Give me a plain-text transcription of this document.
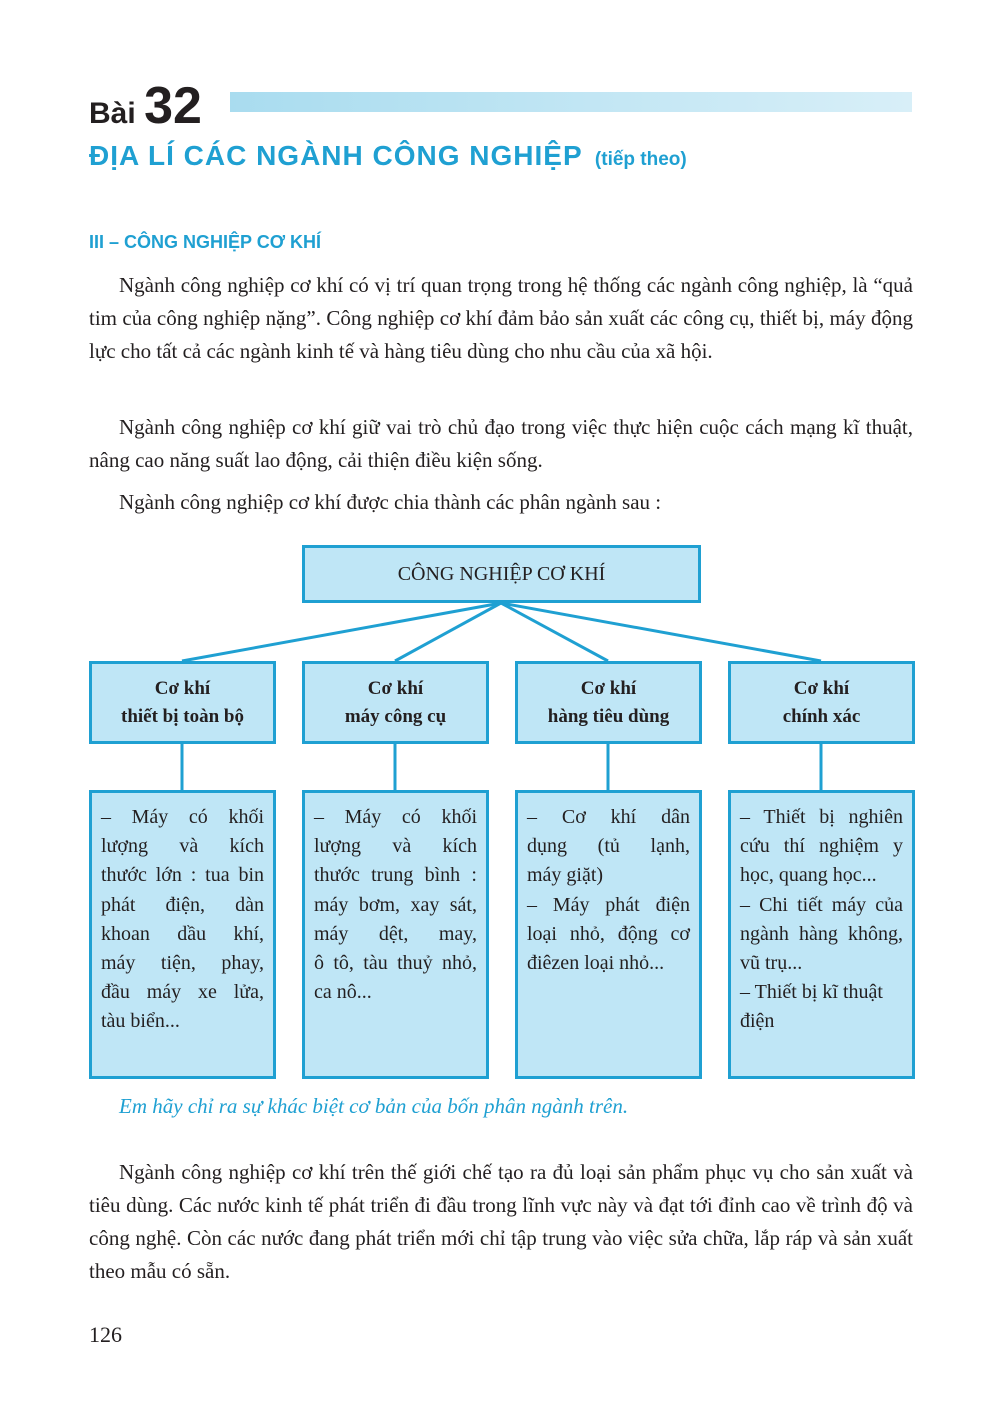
Bài 32
ĐỊA LÍ CÁC NGÀNH CÔNG NGHIỆP (tiếp theo)
III – CÔNG NGHIỆP CƠ KHÍ

Ngành công nghiệp cơ khí có vị trí quan trọng trong hệ thống các ngành công nghiệp, là “quả tim của công nghiệp nặng”. Công nghiệp cơ khí đảm bảo sản xuất các công cụ, thiết bị, máy động lực cho tất cả các ngành kinh tế và hàng tiêu dùng cho nhu cầu của xã hội.

Ngành công nghiệp cơ khí giữ vai trò chủ đạo trong việc thực hiện cuộc cách mạng kĩ thuật, nâng cao năng suất lao động, cải thiện điều kiện sống.

Ngành công nghiệp cơ khí được chia thành các phân ngành sau :

CÔNG NGHIỆP CƠ KHÍ
Cơ khí
thiết bị toàn bộ
Cơ khí
máy công cụ
Cơ khí
hàng tiêu dùng
Cơ khí
chính xác
– Máy có khối
lượng và kích
thước lớn : tua bin
phát điện, dàn
khoan dầu khí,
máy tiện, phay,
đầu máy xe lửa,
tàu biển...
– Máy có khối
lượng và kích
thước trung bình :
máy bơm, xay sát,
máy dệt, may,
ô tô, tàu thuỷ nhỏ,
ca nô...
– Cơ khí dân
dụng (tủ lạnh,
máy giặt)
– Máy phát điện
loại nhỏ, động cơ
điêzen loại nhỏ...
– Thiết bị nghiên
cứu thí nghiệm y
học, quang học...
– Chi tiết máy của
ngành hàng không,
vũ trụ...
– Thiết bị kĩ thuật
điện
Em hãy chỉ ra sự khác biệt cơ bản của bốn phân ngành trên.

Ngành công nghiệp cơ khí trên thế giới chế tạo ra đủ loại sản phẩm phục vụ cho sản xuất và tiêu dùng. Các nước kinh tế phát triển đi đầu trong lĩnh vực này và đạt tới đỉnh cao về trình độ và công nghệ. Còn các nước đang phát triển mới chỉ tập trung vào việc sửa chữa, lắp ráp và sản xuất theo mẫu có sẵn.

126
